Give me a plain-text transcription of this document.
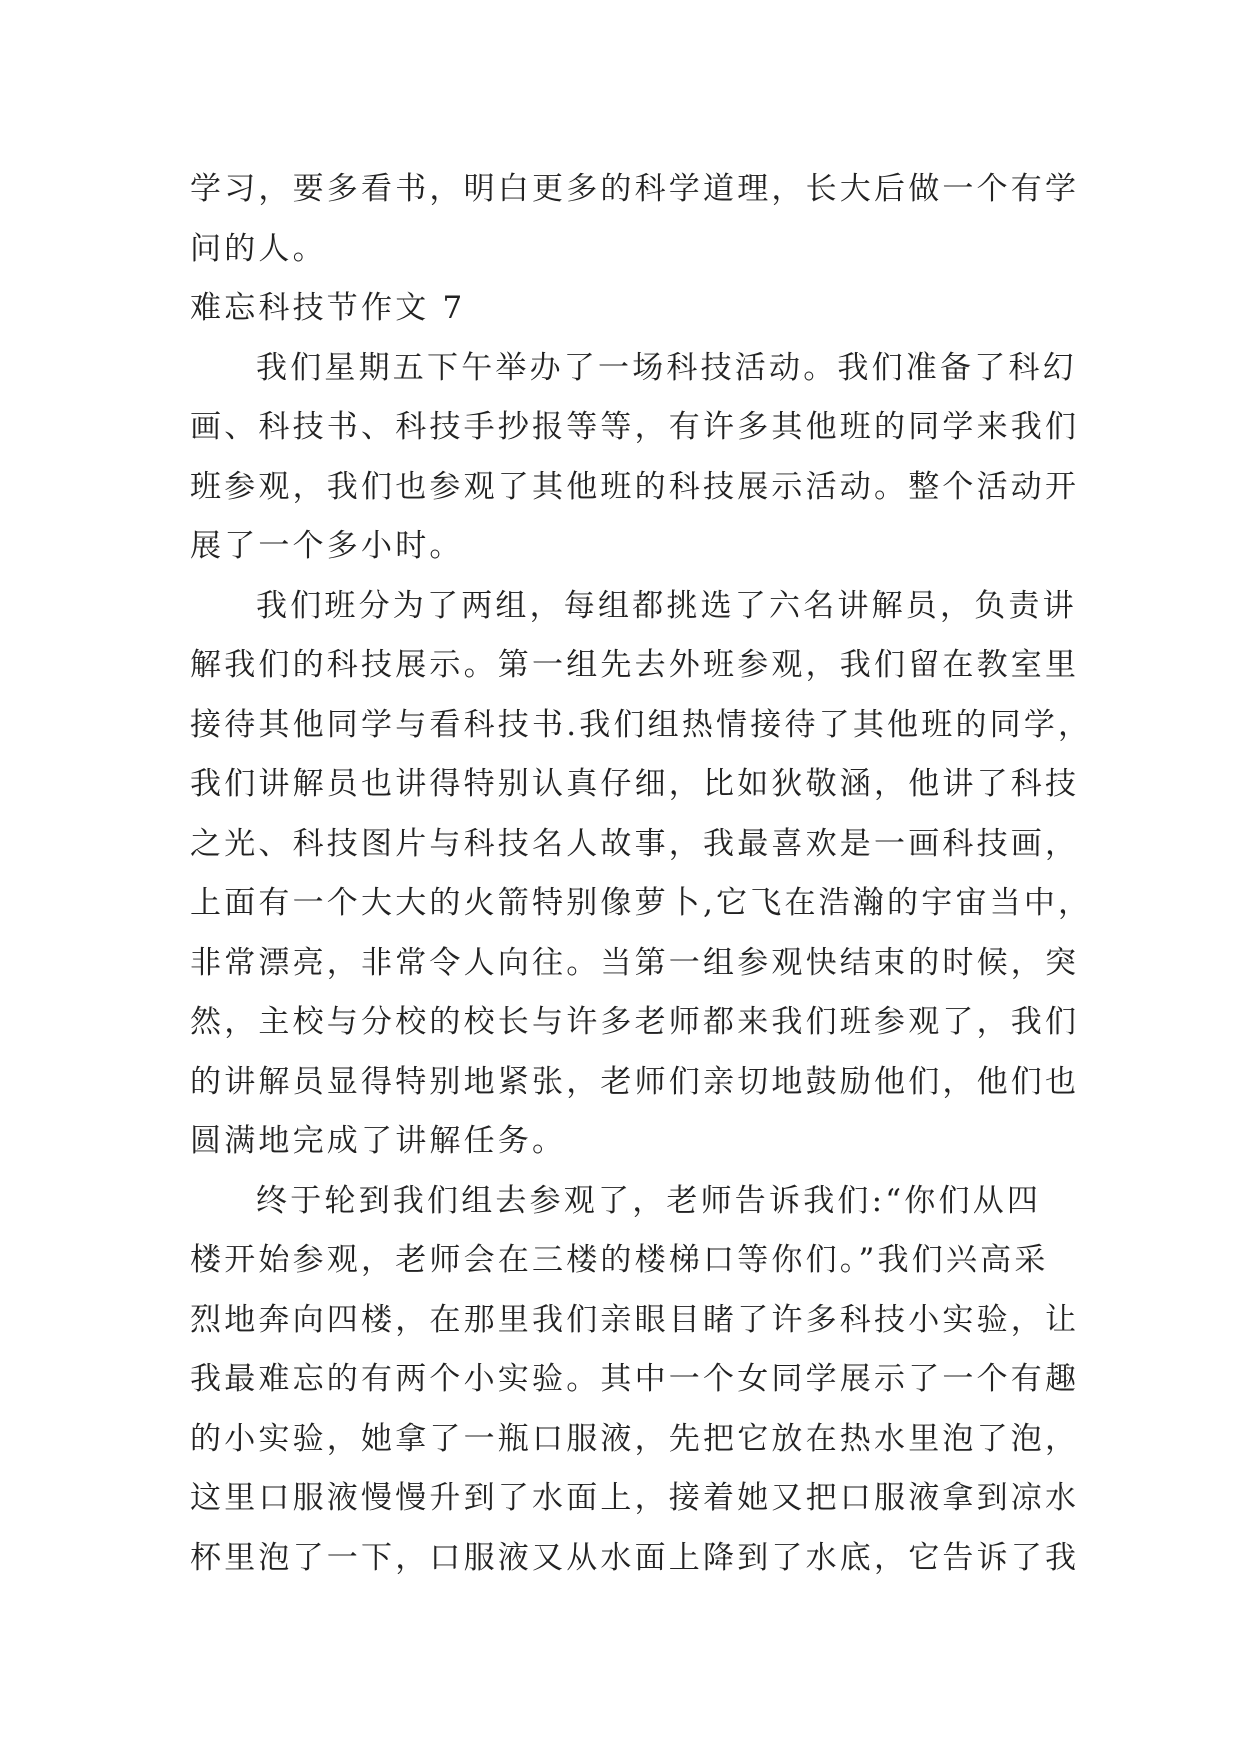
学习，要多看书，明白更多的科学道理，长大后做一个有学
问的人。
难忘科技节作文 7
我们星期五下午举办了一场科技活动。我们准备了科幻
画、科技书、科技手抄报等等，有许多其他班的同学来我们
班参观，我们也参观了其他班的科技展示活动。整个活动开
展了一个多小时。
我们班分为了两组，每组都挑选了六名讲解员，负责讲
解我们的科技展示。第一组先去外班参观，我们留在教室里
接待其他同学与看科技书.我们组热情接待了其他班的同学，
我们讲解员也讲得特别认真仔细，比如狄敬涵，他讲了科技
之光、科技图片与科技名人故事，我最喜欢是一画科技画，
上面有一个大大的火箭特别像萝卜,它飞在浩瀚的宇宙当中，
非常漂亮，非常令人向往。当第一组参观快结束的时候，突
然，主校与分校的校长与许多老师都来我们班参观了，我们
的讲解员显得特别地紧张，老师们亲切地鼓励他们，他们也
圆满地完成了讲解任务。
终于轮到我们组去参观了，老师告诉我们:“你们从四
楼开始参观，老师会在三楼的楼梯口等你们。”我们兴高采
烈地奔向四楼，在那里我们亲眼目睹了许多科技小实验，让
我最难忘的有两个小实验。其中一个女同学展示了一个有趣
的小实验，她拿了一瓶口服液，先把它放在热水里泡了泡，
这里口服液慢慢升到了水面上，接着她又把口服液拿到凉水
杯里泡了一下，口服液又从水面上降到了水底，它告诉了我
